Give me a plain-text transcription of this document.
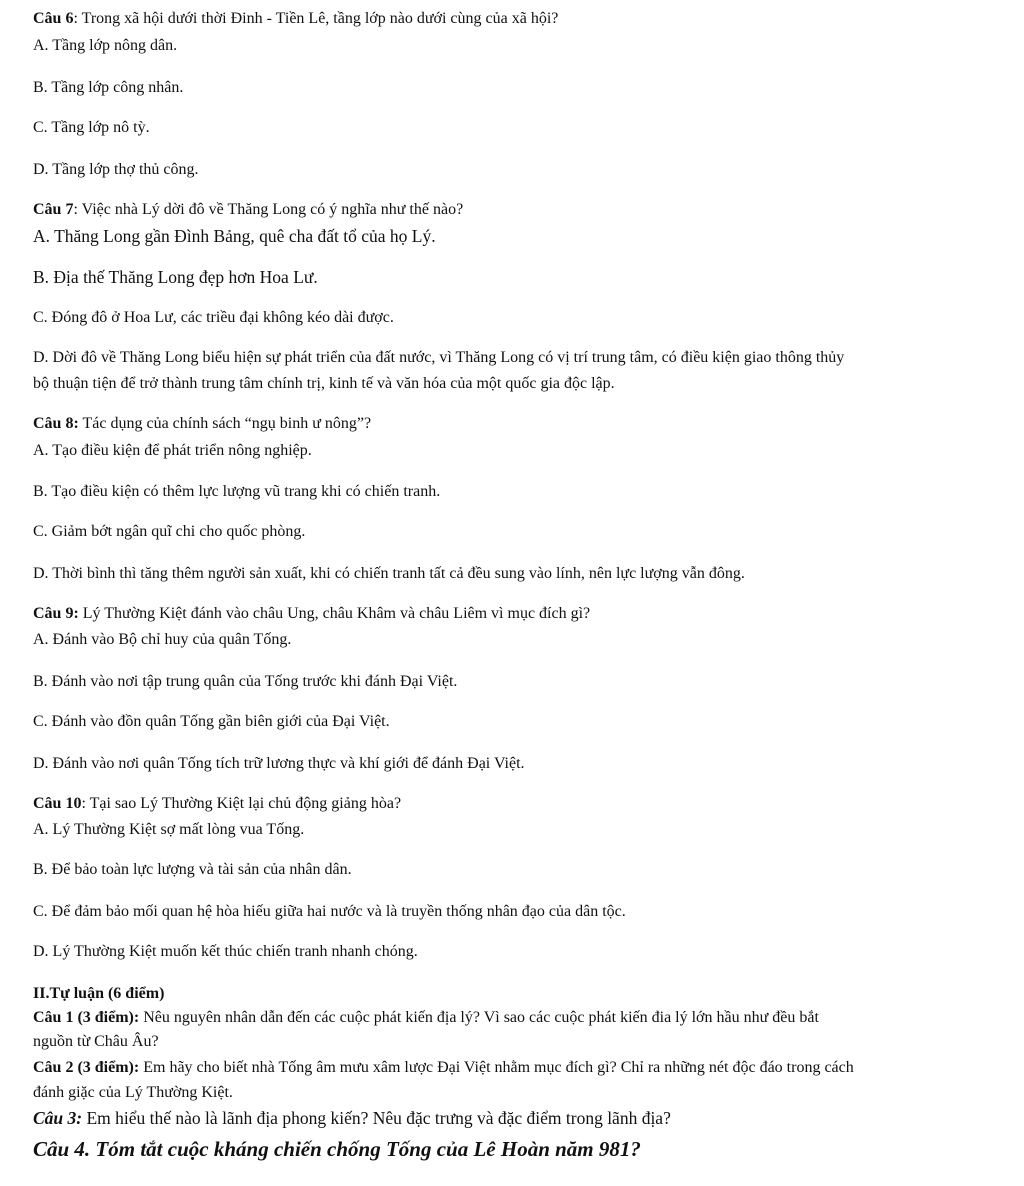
Câu 6: Trong xã hội dưới thời Đinh - Tiền Lê, tầng lớp nào dưới cùng của xã hội?
A. Tầng lớp nông dân.
B. Tầng lớp công nhân.
C. Tầng lớp nô tỳ.
D. Tầng lớp thợ thủ công.
Câu 7: Việc nhà Lý dời đô về Thăng Long có ý nghĩa như thế nào?
A. Thăng Long gần Đình Bảng, quê cha đất tổ của họ Lý.
B. Địa thế Thăng Long đẹp hơn Hoa Lư.
C. Đóng đô ở Hoa Lư, các triều đại không kéo dài được.
D. Dời đô về Thăng Long biểu hiện sự phát triển của đất nước, vì Thăng Long có vị trí trung tâm, có điều kiện giao thông thủy
bộ thuận tiện để trở thành trung tâm chính trị, kinh tế và văn hóa của một quốc gia độc lập.
Câu 8: Tác dụng của chính sách “ngụ binh ư nông”?
A. Tạo điều kiện để phát triển nông nghiệp.
B. Tạo điều kiện có thêm lực lượng vũ trang khi có chiến tranh.
C. Giảm bớt ngân quĩ chi cho quốc phòng.
D. Thời bình thì tăng thêm người sản xuất, khi có chiến tranh tất cả đều sung vào lính, nên lực lượng vẫn đông.
Câu 9: Lý Thường Kiệt đánh vào châu Ung, châu Khâm và châu Liêm vì mục đích gì?
A. Đánh vào Bộ chỉ huy của quân Tống.
B. Đánh vào nơi tập trung quân của Tống trước khi đánh Đại Việt.
C. Đánh vào đồn quân Tống gần biên giới của Đại Việt.
D. Đánh vào nơi quân Tống tích trữ lương thực và khí giới để đánh Đại Việt.
Câu 10: Tại sao Lý Thường Kiệt lại chủ động giảng hòa?
A. Lý Thường Kiệt sợ mất lòng vua Tống.
B. Để bảo toàn lực lượng và tài sản của nhân dân.
C. Để đảm bảo mối quan hệ hòa hiếu giữa hai nước và là truyền thống nhân đạo của dân tộc.
D. Lý Thường Kiệt muốn kết thúc chiến tranh nhanh chóng.
II.Tự luận (6 điểm)
Câu 1 (3 điểm): Nêu nguyên nhân dẫn đến các cuộc phát kiến địa lý? Vì sao các cuộc phát kiến đia lý lớn hầu như đều bắt
nguồn từ Châu Âu?
Câu 2 (3 điểm): Em hãy cho biết nhà Tống âm mưu xâm lược Đại Việt nhằm mục đích gì? Chỉ ra những nét độc đáo trong cách
đánh giặc của Lý Thường Kiệt.
Câu 3: Em hiểu thế nào là lãnh địa phong kiến? Nêu đặc trưng và đặc điểm trong lãnh địa?
Câu 4. Tóm tắt cuộc kháng chiến chống Tống của Lê Hoàn năm 981?
